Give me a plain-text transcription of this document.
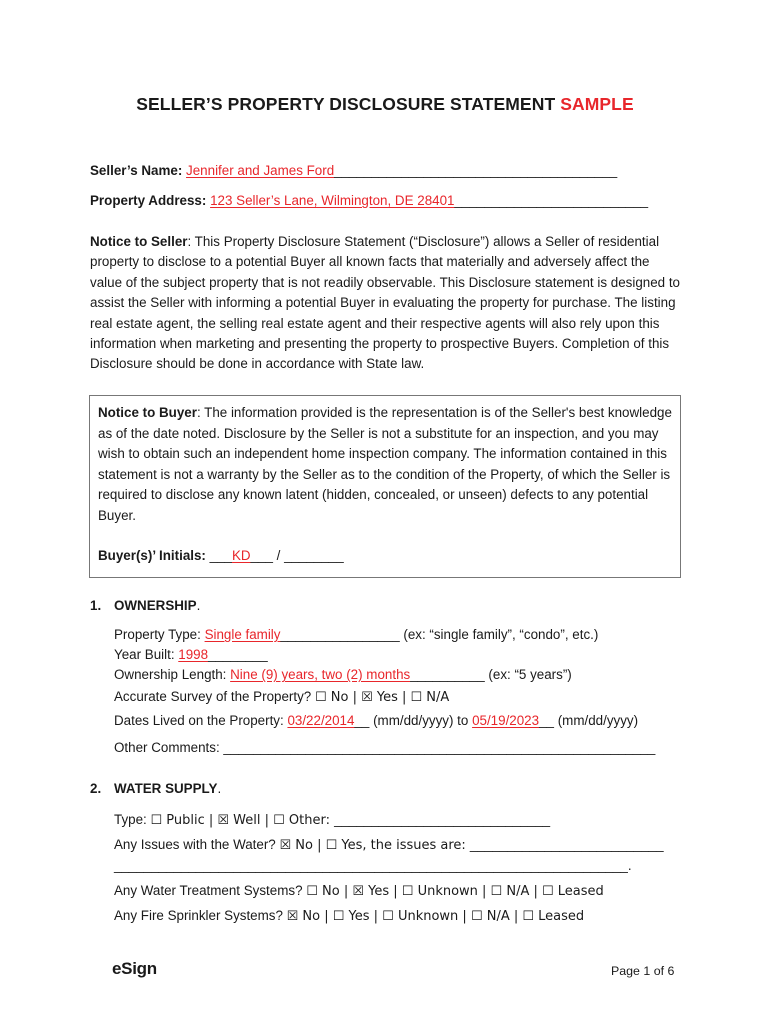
SELLER’S PROPERTY DISCLOSURE STATEMENT SAMPLE
Seller’s Name: Jennifer and James Ford______________________________________
Property Address: 123 Seller’s Lane, Wilmington, DE 28401__________________________
Notice to Seller: This Property Disclosure Statement (“Disclosure”) allows a Seller of residential property to disclose to a potential Buyer all known facts that materially and adversely affect the value of the subject property that is not readily observable. This Disclosure statement is designed to assist the Seller with informing a potential Buyer in evaluating the property for purchase. The listing real estate agent, the selling real estate agent and their respective agents will also rely upon this information when marketing and presenting the property to prospective Buyers. Completion of this Disclosure should be done in accordance with State law.
Notice to Buyer: The information provided is the representation is of the Seller's best knowledge as of the date noted. Disclosure by the Seller is not a substitute for an inspection, and you may wish to obtain such an independent home inspection company. The information contained in this statement is not a warranty by the Seller as to the condition of the Property, of which the Seller is required to disclose any known latent (hidden, concealed, or unseen) defects to any potential Buyer.
Buyer(s)’ Initials: ___KD___ / ________
1. OWNERSHIP.
Property Type: Single family________________ (ex: “single family”, “condo”, etc.)
Year Built: 1998________
Ownership Length: Nine (9) years, two (2) months__________ (ex: “5 years”)
Accurate Survey of the Property? ☐ No | ☒ Yes | ☐ N/A
Dates Lived on the Property: 03/22/2014__ (mm/dd/yyyy) to 05/19/2023__ (mm/dd/yyyy)
Other Comments: __________________________________________________________
2. WATER SUPPLY.
Type: ☐ Public | ☒ Well | ☐ Other: _____________________________
Any Issues with the Water? ☒ No | ☐ Yes, the issues are: __________________________
_____________________________________________________________________.
Any Water Treatment Systems? ☐ No | ☒ Yes | ☐ Unknown | ☐ N/A | ☐ Leased
Any Fire Sprinkler Systems? ☒ No | ☐ Yes | ☐ Unknown | ☐ N/A | ☐ Leased
eSign	Page 1 of 6
